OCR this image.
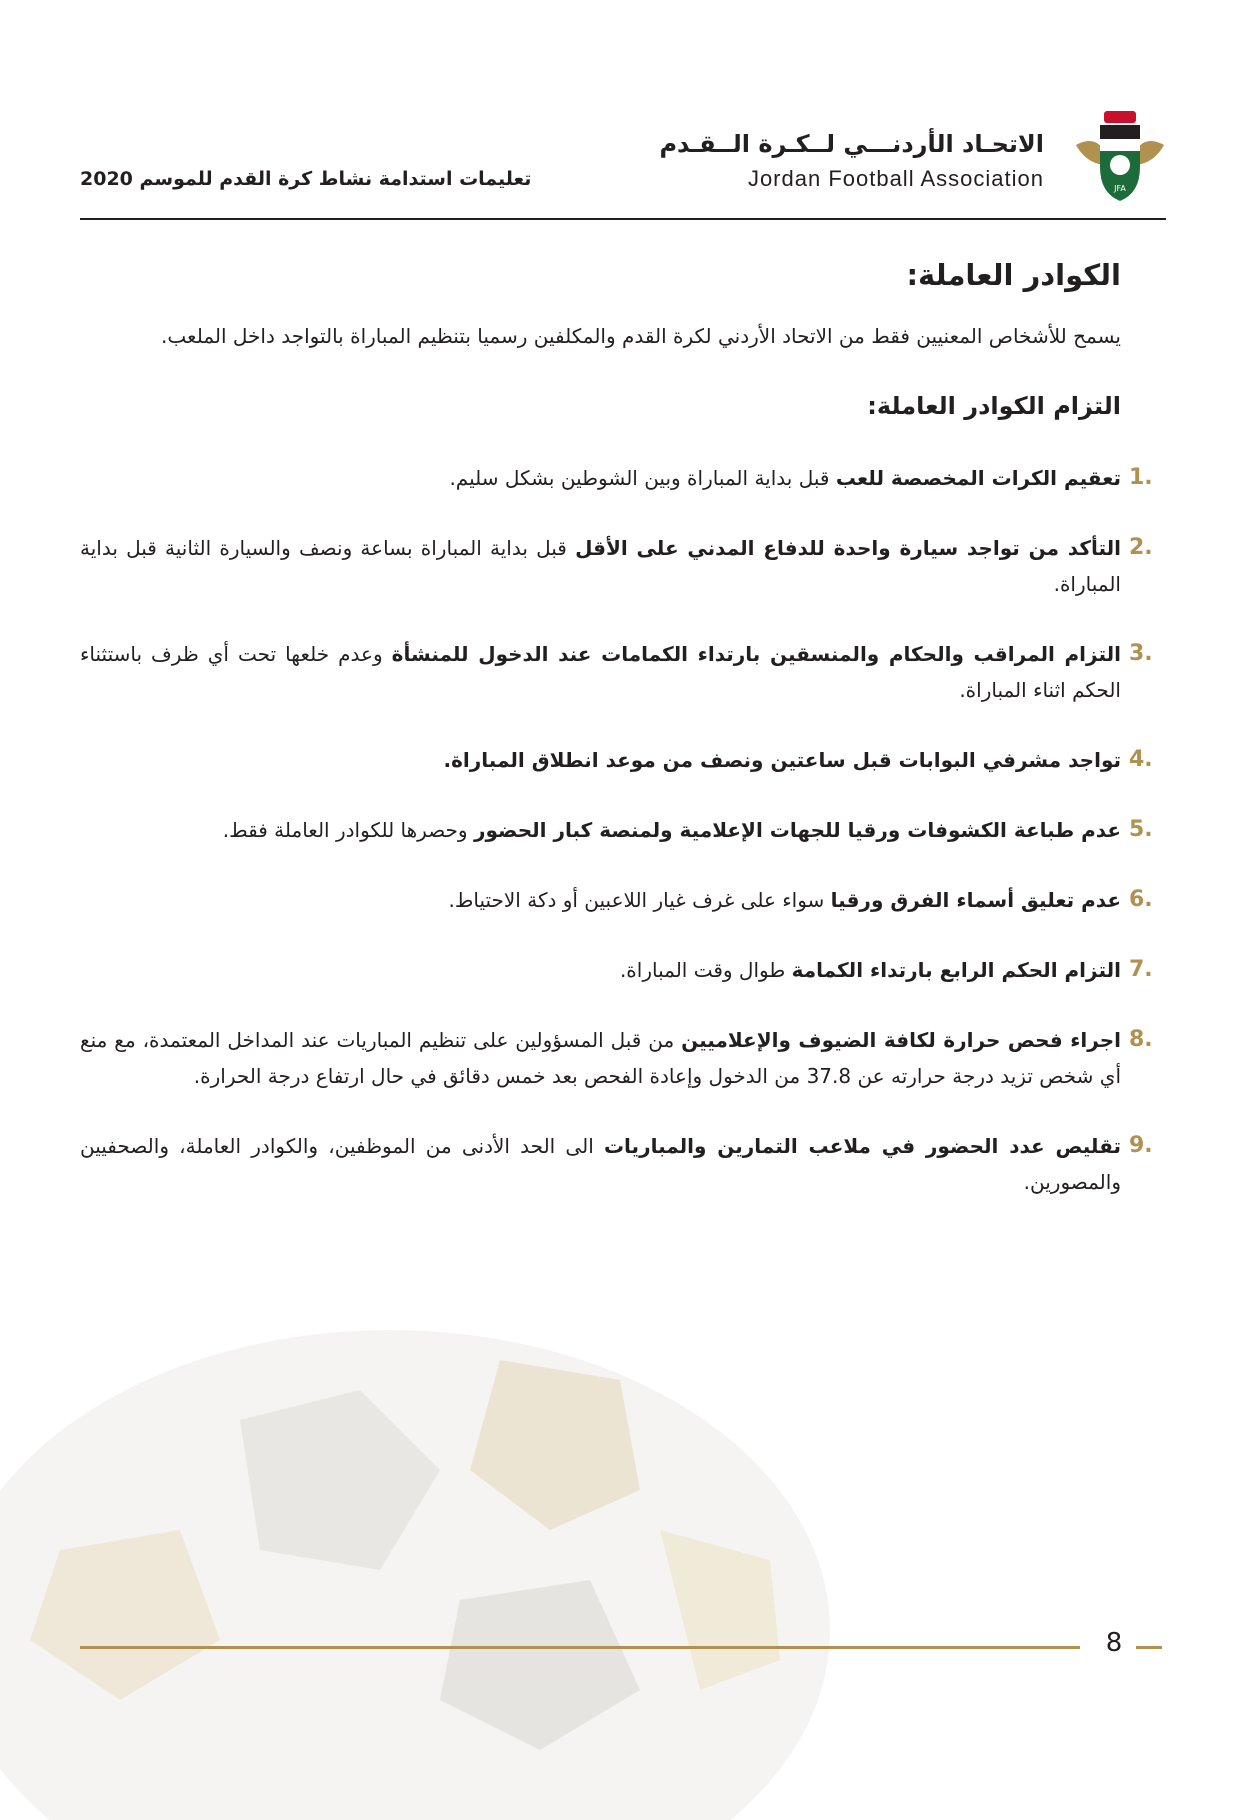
تعليمات استدامة نشاط كرة القدم للموسم 2020
الاتحـاد الأردنـــي لــكـرة الــقـدم
Jordan Football Association	JFA
الكوادر العاملة:

يسمح للأشخاص المعنيين فقط من الاتحاد الأردني لكرة القدم والمكلفين رسميا بتنظيم المباراة بالتواجد داخل الملعب.

التزام الكوادر العاملة:
1.
تعقيم الكرات المخصصة للعب قبل بداية المباراة وبين الشوطين بشكل سليم.
2.
التأكد من تواجد سيارة واحدة للدفاع المدني على الأقل قبل بداية المباراة بساعة ونصف والسيارة الثانية قبل بداية المباراة.
3.
التزام المراقب والحكام والمنسقين بارتداء الكمامات عند الدخول للمنشأة وعدم خلعها تحت أي ظرف باستثناء الحكم اثناء المباراة.
4.
تواجد مشرفي البوابات قبل ساعتين ونصف من موعد انطلاق المباراة.
5.
عدم طباعة الكشوفات ورقيا للجهات الإعلامية ولمنصة كبار الحضور وحصرها للكوادر العاملة فقط.
6.
عدم تعليق أسماء الفرق ورقيا سواء على غرف غيار اللاعبين أو دكة الاحتياط.
7.
التزام الحكم الرابع بارتداء الكمامة طوال وقت المباراة.
8.
اجراء فحص حرارة لكافة الضيوف والإعلاميين من قبل المسؤولين على تنظيم المباريات عند المداخل المعتمدة، مع منع أي شخص تزيد درجة حرارته عن 37.8 من الدخول وإعادة الفحص بعد خمس دقائق في حال ارتفاع درجة الحرارة.
9.
تقليص عدد الحضور في ملاعب التمارين والمباريات الى الحد الأدنى من الموظفين، والكوادر العاملة، والصحفيين والمصورين.
8
